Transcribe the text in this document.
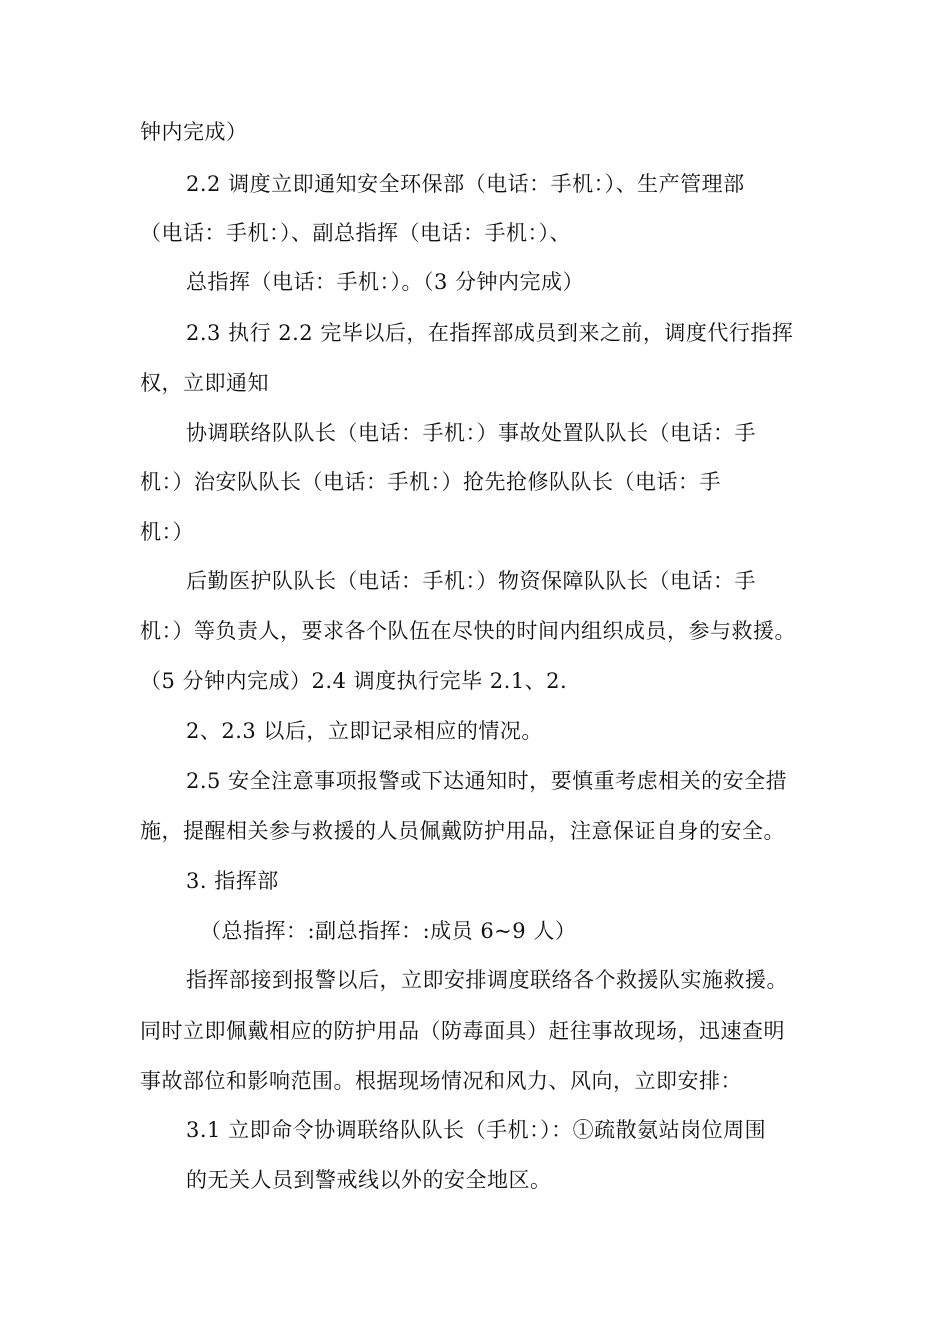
钟内完成）
2.2 调度立即通知安全环保部（电话：手机：）、生产管理部
（电话：手机：）、副总指挥（电话：手机：）、
总指挥（电话：手机：）。（3 分钟内完成）
2.3 执行 2.2 完毕以后，在指挥部成员到来之前，调度代行指挥
权，立即通知
协调联络队队长（电话：手机：）事故处置队队长（电话：手
机：）治安队队长（电话：手机：）抢先抢修队队长（电话：手
机：）
后勤医护队队长（电话：手机：）物资保障队队长（电话：手
机：）等负责人，要求各个队伍在尽快的时间内组织成员，参与救援。
（5 分钟内完成）2.4 调度执行完毕 2.1、2.
2、2.3 以后，立即记录相应的情况。
2.5 安全注意事项报警或下达通知时，要慎重考虑相关的安全措
施，提醒相关参与救援的人员佩戴防护用品，注意保证自身的安全。
3. 指挥部
（总指挥：:副总指挥：:成员 6~9 人）
指挥部接到报警以后，立即安排调度联络各个救援队实施救援。
同时立即佩戴相应的防护用品（防毒面具）赶往事故现场，迅速查明
事故部位和影响范围。根据现场情况和风力、风向，立即安排：
3.1 立即命令协调联络队队长（手机：）：①疏散氨站岗位周围
的无关人员到警戒线以外的安全地区。
